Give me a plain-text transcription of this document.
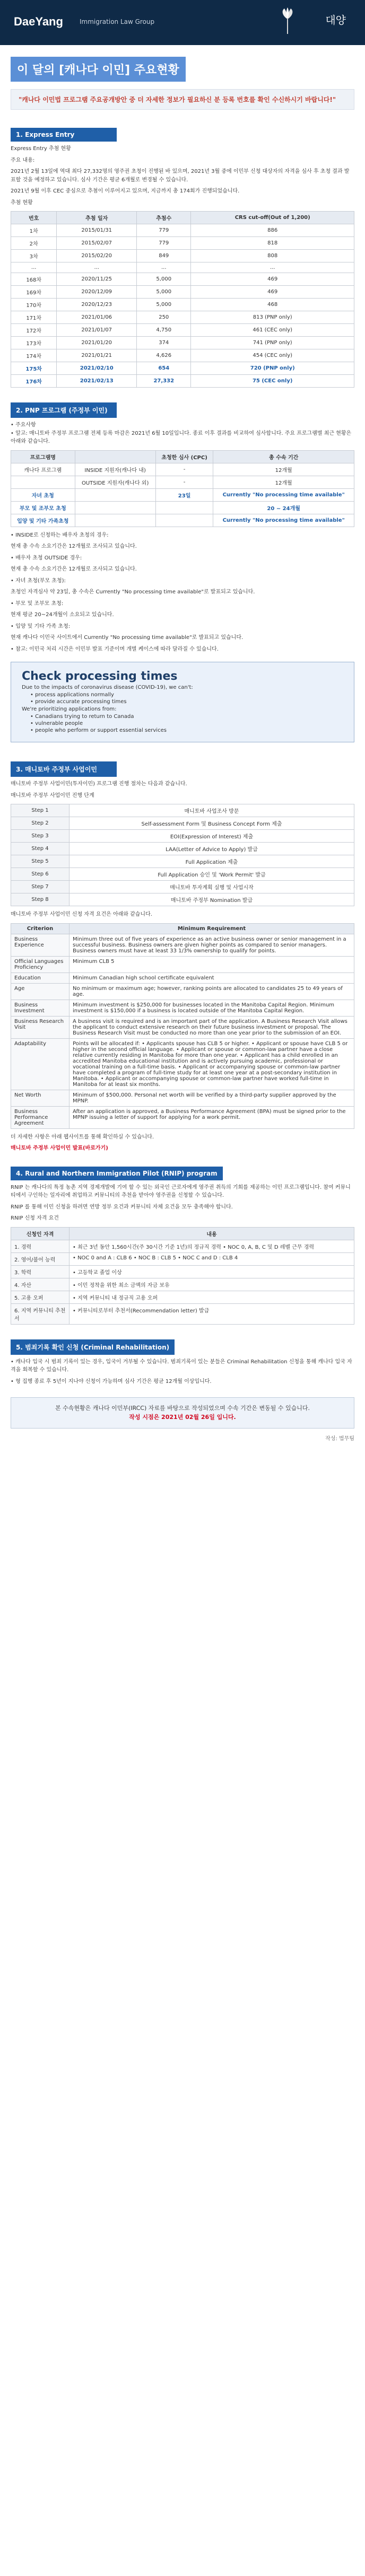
DaeYang	Immigration Law Group	대양
이 달의 [캐나다 이민] 주요현황
"캐나다 이민법 프로그램 주요공개방안 중 더 자세한 정보가 필요하신 분 등록 번호를 확인 수신하시기 바랍니다!"
1. Express Entry

Express Entry 추첨 현황

주요 내용:

2021년 2월 13일에 역대 최다 27,332명의 영주권 초청이 진행된 바 있으며, 2021년 3월 중에 이민부 신청 대상자의 자격을 심사 후 초청 결과 발표할 것을 예정하고 있습니다. 심사 기간은 평균 6개월로 변경될 수 있습니다.

2021년 9월 이후 CEC 중심으로 추첨이 이루어지고 있으며, 지금까지 총 174회가 진행되었습니다.

추첨 현황

번호	추첨 일자	추첨수	CRS cut-off(Out of 1,200)
1차	2015/01/31	779	886
2차	2015/02/07	779	818
3차	2015/02/20	849	808
...	...	...	...
168차	2020/11/25	5,000	469
169차	2020/12/09	5,000	469
170차	2020/12/23	5,000	468
171차	2021/01/06	250	813 (PNP only)
172차	2021/01/07	4,750	461 (CEC only)
173차	2021/01/20	374	741 (PNP only)
174차	2021/01/21	4,626	454 (CEC only)
175차	2021/02/10	654	720 (PNP only)
176차	2021/02/13	27,332	75 (CEC only)
2. PNP 프로그램 (주정부 이민)

• 주요사항
• 알고: 매니토바 주정부 프로그램 전체 등록 마감은 2021년 6월 10일입니다. 종료 이후 결과를 비교하여 심사합니다. 주요 프로그램별 최근 현황은 아래와 같습니다.

프로그램명		초청한 심사 (CPC)	총 수속 기간
캐나다 프로그램	INSIDE 지원자(캐나다 내)	-	12개월
	OUTSIDE 지원자(캐나다 외)	-	12개월
자녀 초청		23일	Currently "No processing time available"
부모 및 조부모 초청			20 ~ 24개월
입양 및 기타 가족초청			Currently "No processing time available"

• INSIDE로 신청하는 배우자 초청의 경우:

현재 총 수속 소요기간은 12개월로 조사되고 있습니다.

• 배우자 초청 OUTSIDE 경우:

현재 총 수속 소요기간은 12개월로 조사되고 있습니다.

• 자녀 초청(부모 초청):

초청인 자격심사 약 23일, 총 수속은 Currently "No processing time available"로 발표되고 있습니다.

• 부모 및 조부모 초청:

현재 평균 20~24개월이 소요되고 있습니다.

• 입양 및 기타 가족 초청:

현재 캐나다 이민국 사이트에서 Currently "No processing time available"로 발표되고 있습니다.

• 참고: 이민국 처리 시간은 이민부 발표 기준이며 개별 케이스에 따라 달라질 수 있습니다.

Check processing times

Due to the impacts of coronavirus disease (COVID-19), we can't:

• process applications normally
• provide accurate processing times

We're prioritizing applications from:

• Canadians trying to return to Canada
• vulnerable people
• people who perform or support essential services
3. 매니토바 주정부 사업이민

매니토바 주정부 사업이민(투자이민) 프로그램 진행 절차는 다음과 같습니다.

매니토바 주정부 사업이민 진행 단계

Step 1	매니토바 사업조사 방문
Step 2	Self-assessment Form 및 Business Concept Form 제출
Step 3	EOI(Expression of Interest) 제출
Step 4	LAA(Letter of Advice to Apply) 발급
Step 5	Full Application 제출
Step 6	Full Application 승인 및 'Work Permit' 발급
Step 7	매니토바 투자계획 실행 및 사업시작
Step 8	매니토바 주정부 Nomination 발급

매니토바 주정부 사업이민 신청 자격 요건은 아래와 같습니다.

Criterion	Minimum Requirement
Business Experience	Minimum three out of five years of experience as an active business owner or senior management in a successful business. Business owners are given higher points as compared to senior managers. Business owners must have at least 33 1/3% ownership to qualify for points.
Official Languages Proficiency	Minimum CLB 5
Education	Minimum Canadian high school certificate equivalent
Age	No minimum or maximum age; however, ranking points are allocated to candidates 25 to 49 years of age.
Business Investment	Minimum investment is $250,000 for businesses located in the Manitoba Capital Region. Minimum investment is $150,000 if a business is located outside of the Manitoba Capital Region.
Business Research Visit	A business visit is required and is an important part of the application. A Business Research Visit allows the applicant to conduct extensive research on their future business investment or proposal. The Business Research Visit must be conducted no more than one year prior to the submission of an EOI.
Adaptability	Points will be allocated if: • Applicants spouse has CLB 5 or higher. • Applicant or spouse have CLB 5 or higher in the second official language. • Applicant or spouse or common-law partner have a close relative currently residing in Manitoba for more than one year. • Applicant has a child enrolled in an accredited Manitoba educational institution and is actively pursuing academic, professional or vocational training on a full-time basis. • Applicant or accompanying spouse or common-law partner have completed a program of full-time study for at least one year at a post-secondary institution in Manitoba. • Applicant or accompanying spouse or common-law partner have worked full-time in Manitoba for at least six months.
Net Worth	Minimum of $500,000. Personal net worth will be verified by a third-party supplier approved by the MPNP.
Business Performance Agreement	After an application is approved, a Business Performance Agreement (BPA) must be signed prior to the MPNP issuing a letter of support for applying for a work permit.

더 자세한 사항은 아래 웹사이트를 통해 확인하실 수 있습니다.

매니토바 주정부 사업이민 발표(바로가기)

4. Rural and Northern Immigration Pilot (RNIP) program

RNIP 는 캐나다의 특정 농촌 지역 경제개발에 기여 할 수 있는 외국인 근로자에게 영주권 취득의 기회를 제공하는 이민 프로그램입니다. 참여 커뮤니티에서 구인하는 일자리에 취업하고 커뮤니티의 추천을 받아야 영주권을 신청할 수 있습니다.

RNIP 를 통해 이민 신청을 하려면 연방 정부 요건과 커뮤니티 자체 요건을 모두 충족해야 합니다.

RNIP 신청 자격 요건

신청인 자격	내용
1. 경력	• 최근 3년 동안 1,560시간(주 30시간 기준 1년)의 정규직 경력 • NOC 0, A, B, C 및 D 레벨 근무 경력
2. 영어/불어 능력	• NOC 0 and A : CLB 6 • NOC B : CLB 5 • NOC C and D : CLB 4
3. 학력	• 고등학교 졸업 이상
4. 자산	• 이민 정착을 위한 최소 금액의 자금 보유
5. 고용 오퍼	• 지역 커뮤니티 내 정규직 고용 오퍼
6. 지역 커뮤니티 추천서	• 커뮤니티로부터 추천서(Recommendation letter) 발급
5. 범죄기록 확인 신청 (Criminal Rehabilitation)

• 캐나다 입국 시 범죄 기록이 있는 경우, 입국이 거부될 수 있습니다. 범죄기록이 있는 분들은 Criminal Rehabilitation 신청을 통해 캐나다 입국 자격을 회복할 수 있습니다.

• 형 집행 종료 후 5년이 지나야 신청이 가능하며 심사 기간은 평균 12개월 이상입니다.

본 수속현황은 캐나다 이민부(IRCC) 자료를 바탕으로 작성되었으며 수속 기간은 변동될 수 있습니다.
작성 시점은 2021년 02월 26일 입니다.
작성: 법무팀
